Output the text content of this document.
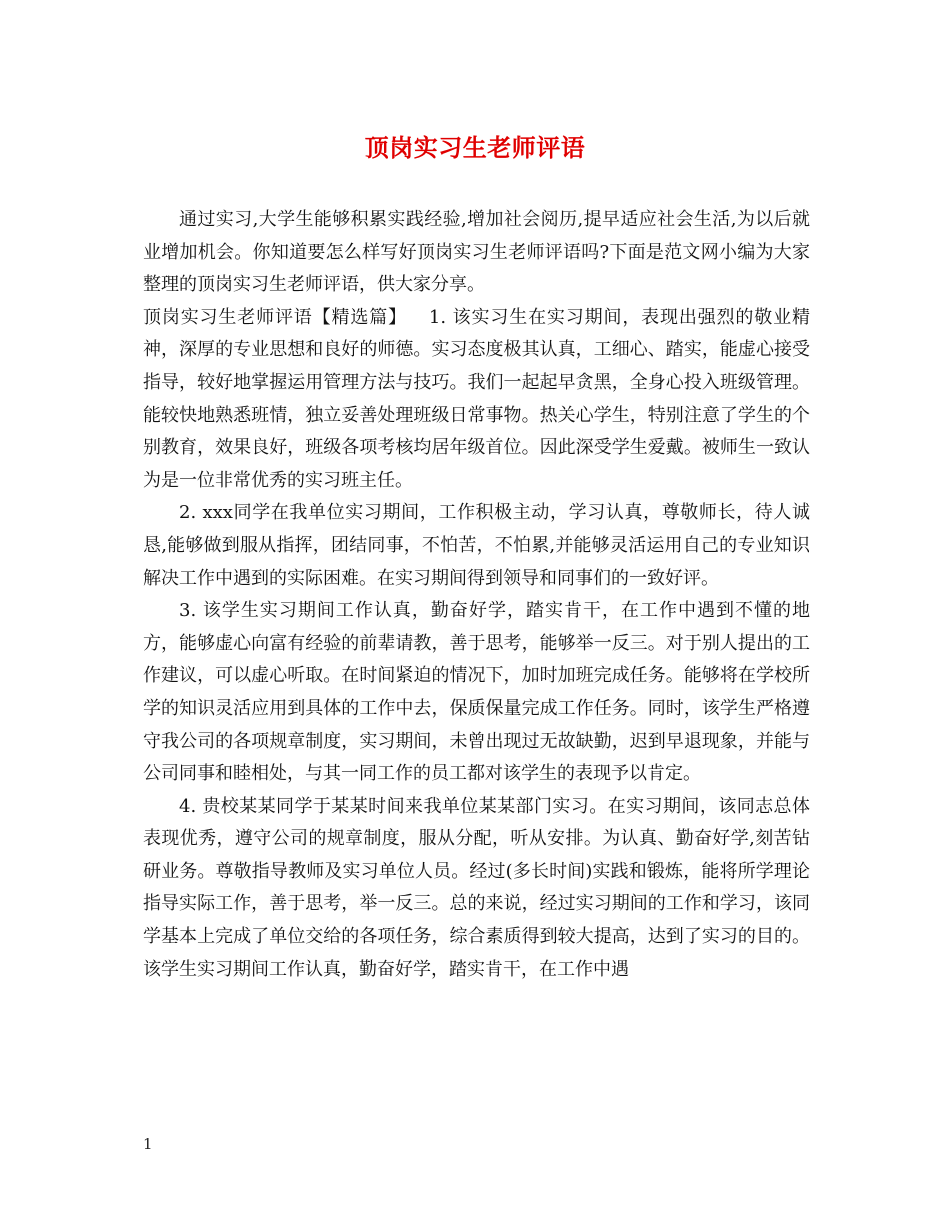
顶岗实习生老师评语

通过实习,大学生能够积累实践经验,增加社会阅历,提早适应社会生活,为以后就业增加机会。你知道要怎么样写好顶岗实习生老师评语吗?下面是范文网小编为大家整理的顶岗实习生老师评语，供大家分享。

顶岗实习生老师评语【精选篇】 1. 该实习生在实习期间，表现出强烈的敬业精神，深厚的专业思想和良好的师德。实习态度极其认真，工细心、踏实，能虚心接受指导，较好地掌握运用管理方法与技巧。我们一起起早贪黑，全身心投入班级管理。能较快地熟悉班情，独立妥善处理班级日常事物。热关心学生，特别注意了学生的个别教育，效果良好，班级各项考核均居年级首位。因此深受学生爱戴。被师生一致认为是一位非常优秀的实习班主任。

2. xxx同学在我单位实习期间，工作积极主动，学习认真，尊敬师长，待人诚恳,能够做到服从指挥，团结同事，不怕苦，不怕累,并能够灵活运用自己的专业知识解决工作中遇到的实际困难。在实习期间得到领导和同事们的一致好评。

3. 该学生实习期间工作认真，勤奋好学，踏实肯干，在工作中遇到不懂的地方，能够虚心向富有经验的前辈请教，善于思考，能够举一反三。对于别人提出的工作建议，可以虚心听取。在时间紧迫的情况下，加时加班完成任务。能够将在学校所学的知识灵活应用到具体的工作中去，保质保量完成工作任务。同时，该学生严格遵守我公司的各项规章制度，实习期间，未曾出现过无故缺勤，迟到早退现象，并能与公司同事和睦相处，与其一同工作的员工都对该学生的表现予以肯定。

4. 贵校某某同学于某某时间来我单位某某部门实习。在实习期间，该同志总体表现优秀，遵守公司的规章制度，服从分配，听从安排。为认真、勤奋好学,刻苦钻研业务。尊敬指导教师及实习单位人员。经过(多长时间)实践和锻炼，能将所学理论指导实际工作，善于思考，举一反三。总的来说，经过实习期间的工作和学习，该同学基本上完成了单位交给的各项任务，综合素质得到较大提高，达到了实习的目的。该学生实习期间工作认真，勤奋好学，踏实肯干，在工作中遇

1
